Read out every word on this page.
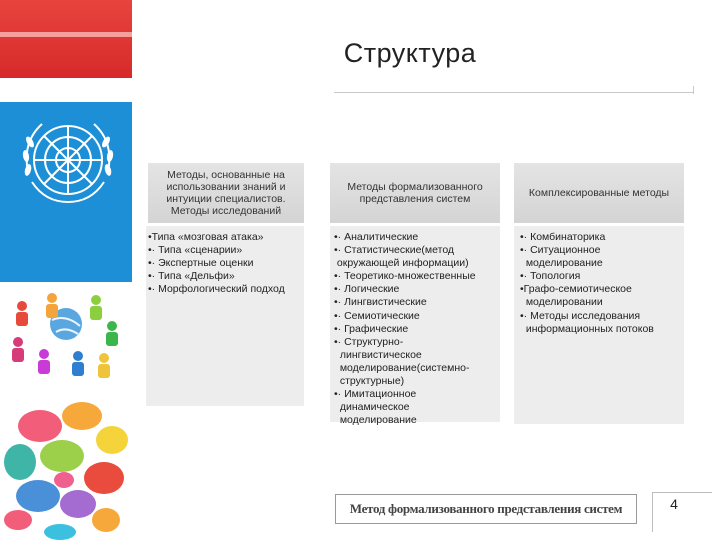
Структура
Методы, основанные на использовании знаний и интуиции специалистов. Методы исследований
•Типа «мозговая атака»
•· Типа «сценарии»
•· Экспертные оценки
•· Типа «Дельфи»
•· Морфологический подход
Методы формализованного представления систем
•· Аналитические
•· Статистические(метод
окружающей информации)
•· Теоретико-множественные
•· Логические
•· Лингвистические
•· Семиотические
•· Графические
•· Структурно-
лингвистическое
моделирование(системно-
структурные)
•· Имитационное
динамическое
моделирование
Комплексированные методы
•· Комбинаторика
•· Ситуационное
моделирование
•· Топология
•Графо-семиотическое
моделировании
•· Методы исследования
информационных потоков
Метод формализованного представления систем	4
